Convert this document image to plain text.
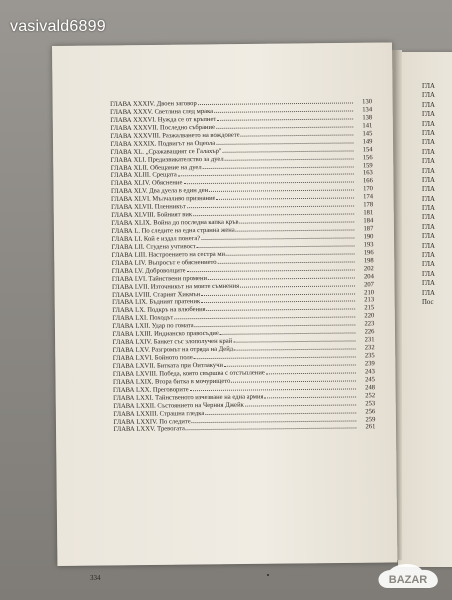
vasivald6899
ГЛАВА XXXIV. Двоен заговор	130
ГЛАВА XXXV. Светлина след мрака	134
ГЛАВА XXXVI. Нужда се от кръпнет	138
ГЛАВА XXXVII. Последно събрание	141
ГЛАВА XXXVIII. Разжалването на вождовете	145
ГЛАВА XXXIX. Подвигът на Оцеола	149
ГЛАВА XL. „Сражаващият се Галахър"	154
ГЛАВА XLI. Предизвикателство за дуел	156
ГЛАВА XLII. Обещание на дуел	159
ГЛАВА XLIII. Срещата	163
ГЛАВА XLIV. Обяснение	166
ГЛАВА XLV. Два дуела в един ден	170
ГЛАВА XLVI. Мълчаливо признание	174
ГЛАВА XLVII. Пленникът	178
ГЛАВА XLVIII. Бойният вик	181
ГЛАВА XLIX. Война до последна капка кръв	184
ГЛАВА L. По следите на една странна жена	187
ГЛАВА LI. Кой е издал понега?	190
ГЛАВА LII. Студена учтивост	193
ГЛАВА LIII. Настроението на сестра ми	196
ГЛАВА LIV. Въпросът е обяснението	198
ГЛАВА LV. Доброволците	202
ГЛАВА LVI. Тайнствени промени	204
ГЛАВА LVII. Източникът на моите съмнения	207
ГЛАВА LVIII. Старият Хикмън	210
ГЛАВА LIX. Бъдният пратеник	213
ГЛАВА LX. Подкръ на влюбения	215
ГЛАВА LXI. Походът	220
ГЛАВА LXII. Удар по гомата	223
ГЛАВА LXIII. Индианско правосъдие	226
ГЛАВА LXIV. Банкет със злополучен край	231
ГЛАВА LXV. Разгромът на отряда на Дейд	232
ГЛАВА LXVI. Бойното поле	235
ГЛАВА LXVII. Битката при Оитлакучи	239
ГЛАВА LXVIII. Победа, която свършва с отстъпление	243
ГЛАВА LXIX. Втора битка в мочурището	245
ГЛАВА LXX. Преговорите	248
ГЛАВА LXXI. Тайнственото изчезване на една армия	252
ГЛАВА LXXII. Състоянието на Черния Джейк	253
ГЛАВА LXXIII. Страшна гледка	256
ГЛАВА LXXIV. По следите	259
ГЛАВА LXXV. Тревогата	261
ГЛА
ГЛА
ГЛА
ГЛА
ГЛА
ГЛА
ГЛА
ГЛА
ГЛА
ГЛА
ГЛА
ГЛА
ГЛА
ГЛА
ГЛА
ГЛА
ГЛА
ГЛА
ГЛА
ГЛА
ГЛА
ГЛА
ГЛА
Пос
334	BAZAR
